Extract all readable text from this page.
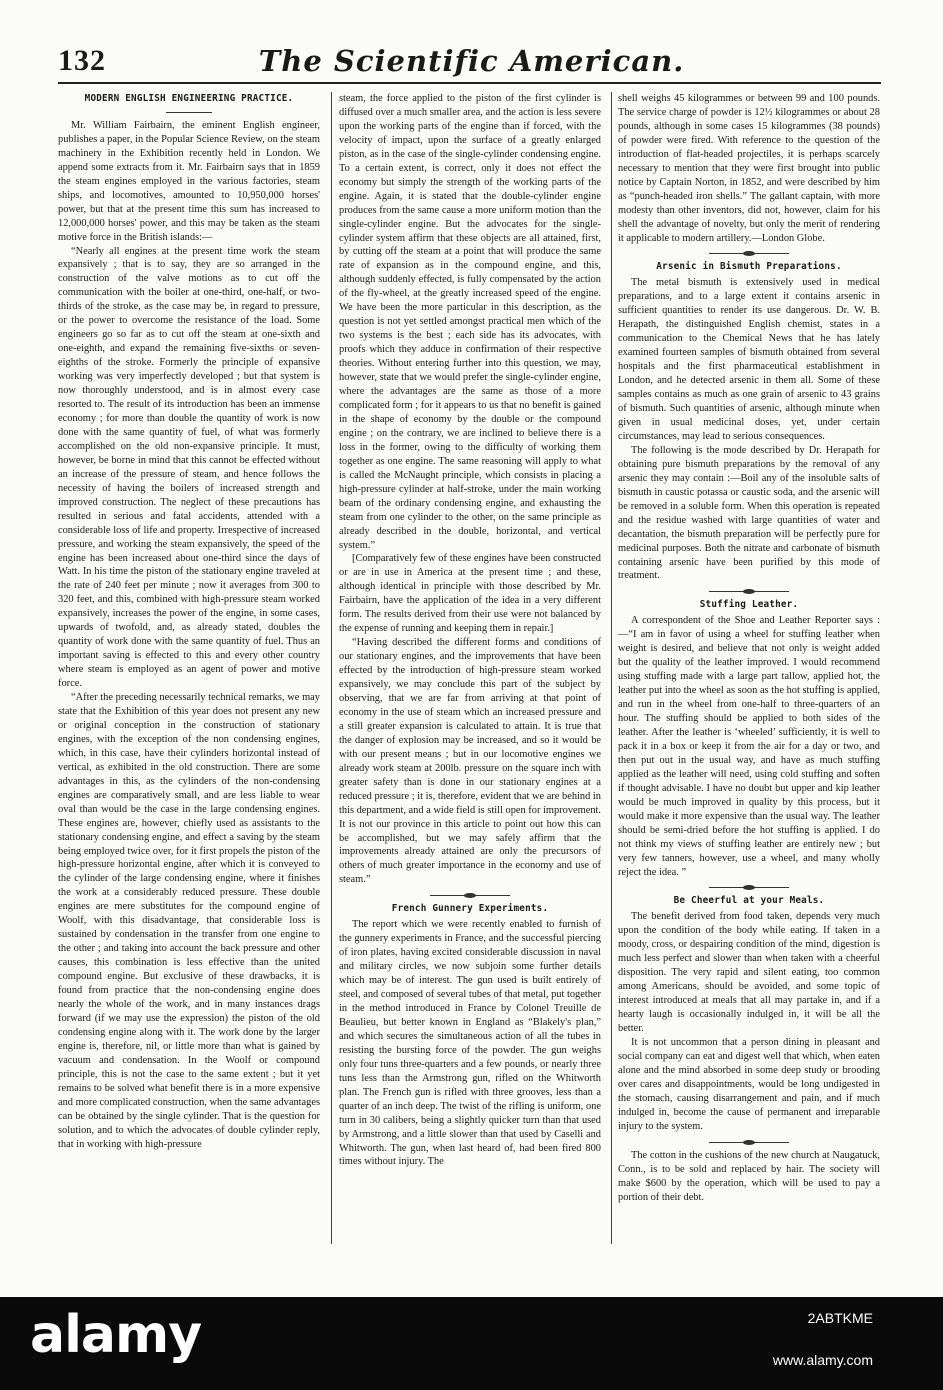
132	The Scientific American.
MODERN ENGLISH ENGINEERING PRACTICE.

Mr. William Fairbairn, the eminent English engineer, publishes a paper, in the Popular Science Review, on the steam machinery in the Exhibition recently held in London. We append some extracts from it. Mr. Fairbairn says that in 1859 the steam engines employed in the various factories, steam ships, and locomotives, amounted to 10,950,000 horses' power, but that at the present time this sum has increased to 12,000,000 horses' power, and this may be taken as the steam motive force in the British islands:—

“Nearly all engines at the present time work the steam expansively ; that is to say, they are so arranged in the construction of the valve motions as to cut off the communication with the boiler at one-third, one-half, or two-thirds of the stroke, as the case may be, in regard to pressure, or the power to overcome the resistance of the load. Some engineers go so far as to cut off the steam at one-sixth and one-eighth, and expand the remaining five-sixths or seven-eighths of the stroke. Formerly the principle of expansive working was very imperfectly developed ; but that system is now thoroughly understood, and is in almost every case resorted to. The result of its introduction has been an immense economy ; for more than double the quantity of work is now done with the same quantity of fuel, of what was formerly accomplished on the old non-expansive principle. It must, however, be borne in mind that this cannot be effected without an increase of the pressure of steam, and hence follows the necessity of having the boilers of increased strength and improved construction. The neglect of these precautions has resulted in serious and fatal accidents, attended with a considerable loss of life and property. Irrespective of increased pressure, and working the steam expansively, the speed of the engine has been increased about one-third since the days of Watt. In his time the piston of the stationary engine traveled at the rate of 240 feet per minute ; now it averages from 300 to 320 feet, and this, combined with high-pressure steam worked expansively, increases the power of the engine, in some cases, upwards of twofold, and, as already stated, doubles the quantity of work done with the same quantity of fuel. Thus an important saving is effected to this and every other country where steam is employed as an agent of power and motive force.

“After the preceding necessarily technical remarks, we may state that the Exhibition of this year does not present any new or original conception in the construction of stationary engines, with the exception of the non condensing engines, which, in this case, have their cylinders horizontal instead of vertical, as exhibited in the old construction. There are some advantages in this, as the cylinders of the non-condensing engines are comparatively small, and are less liable to wear oval than would be the case in the large condensing engines. These engines are, however, chiefly used as assistants to the stationary condensing engine, and effect a saving by the steam being employed twice over, for it first propels the piston of the high-pressure horizontal engine, after which it is conveyed to the cylinder of the large condensing engine, where it finishes the work at a considerably reduced pressure. These double engines are mere substitutes for the compound engine of Woolf, with this disadvantage, that considerable loss is sustained by condensation in the transfer from one engine to the other ; and taking into account the back pressure and other causes, this combination is less effective than the united compound engine. But exclusive of these drawbacks, it is found from practice that the non-condensing engine does nearly the whole of the work, and in many instances drags forward (if we may use the expression) the piston of the old condensing engine along with it. The work done by the larger engine is, therefore, nil, or little more than what is gained by vacuum and condensation. In the Woolf or compound principle, this is not the case to the same extent ; but it yet remains to be solved what benefit there is in a more expensive and more complicated construction, when the same advantages can be obtained by the single cylinder. That is the question for solution, and to which the advocates of double cylinder reply, that in working with high-pressure

steam, the force applied to the piston of the first cylinder is diffused over a much smaller area, and the action is less severe upon the working parts of the engine than if forced, with the velocity of impact, upon the surface of a greatly enlarged piston, as in the case of the single-cylinder condensing engine. To a certain extent, is correct, only it does not effect the economy but simply the strength of the working parts of the engine. Again, it is stated that the double-cylinder engine produces from the same cause a more uniform motion than the single-cylinder engine. But the advocates for the single-cylinder system affirm that these objects are all attained, first, by cutting off the steam at a point that will produce the same rate of expansion as in the compound engine, and this, although suddenly effected, is fully compensated by the action of the fly-wheel, at the greatly increased speed of the engine. We have been the more particular in this description, as the question is not yet settled amongst practical men which of the two systems is the best ; each side has its advocates, with proofs which they adduce in confirmation of their respective theories. Without entering further into this question, we may, however, state that we would prefer the single-cylinder engine, where the advantages are the same as those of a more complicated form ; for it appears to us that no benefit is gained in the shape of economy by the double or the compound engine ; on the contrary, we are inclined to believe there is a loss in the former, owing to the difficulty of working them together as one engine. The same reasoning will apply to what is called the McNaught principle, which consists in placing a high-pressure cylinder at half-stroke, under the main working beam of the ordinary condensing engine, and exhausting the steam from one cylinder to the other, on the same principle as already described in the double, horizontal, and vertical system.”

[Comparatively few of these engines have been constructed or are in use in America at the present time ; and these, although identical in principle with those described by Mr. Fairbairn, have the application of the idea in a very different form. The results derived from their use were not balanced by the expense of running and keeping them in repair.]

“Having described the different forms and conditions of our stationary engines, and the improvements that have been effected by the introduction of high-pressure steam worked expansively, we may conclude this part of the subject by observing, that we are far from arriving at that point of economy in the use of steam which an increased pressure and a still greater expansion is calculated to attain. It is true that the danger of explosion may be increased, and so it would be with our present means ; but in our locomotive engines we already work steam at 200lb. pressure on the square inch with greater safety than is done in our stationary engines at a reduced pressure ; it is, therefore, evident that we are behind in this department, and a wide field is still open for improvement. It is not our province in this article to point out how this can be accomplished, but we may safely affirm that the improvements already attained are only the precursors of others of much greater importance in the economy and use of steam.”

French Gunnery Experiments.

The report which we were recently enabled to furnish of the gunnery experiments in France, and the successful piercing of iron plates, having excited considerable discussion in naval and military circles, we now subjoin some further details which may be of interest. The gun used is built entirely of steel, and composed of several tubes of that metal, put together in the method introduced in France by Colonel Treuille de Beaulieu, but better known in England as “Blakely's plan,” and which secures the simultaneous action of all the tubes in resisting the bursting force of the powder. The gun weighs only four tuns three-quarters and a few pounds, or nearly three tuns less than the Armstrong gun, rifled on the Whitworth plan. The French gun is rifled with three grooves, less than a quarter of an inch deep. The twist of the rifling is uniform, one turn in 30 calibers, being a slightly quicker turn than that used by Armstrong, and a little slower than that used by Caselli and Whitworth. The gun, when last heard of, had been fired 800 times without injury. The

shell weighs 45 kilogrammes or between 99 and 100 pounds. The service charge of powder is 12½ kilogrammes or about 28 pounds, although in some cases 15 kilogrammes (38 pounds) of powder were fired. With reference to the question of the introduction of flat-headed projectiles, it is perhaps scarcely necessary to mention that they were first brought into public notice by Captain Norton, in 1852, and were described by him as “punch-headed iron shells.” The gallant captain, with more modesty than other inventors, did not, however, claim for his shell the advantage of novelty, but only the merit of rendering it applicable to modern artillery.—London Globe.

Arsenic in Bismuth Preparations.

The metal bismuth is extensively used in medical preparations, and to a large extent it contains arsenic in sufficient quantities to render its use dangerous. Dr. W. B. Herapath, the distinguished English chemist, states in a communication to the Chemical News that he has lately examined fourteen samples of bismuth obtained from several hospitals and the first pharmaceutical establishment in London, and he detected arsenic in them all. Some of these samples contains as much as one grain of arsenic to 43 grains of bismuth. Such quantities of arsenic, although minute when given in usual medicinal doses, yet, under certain circumstances, may lead to serious consequences.

The following is the mode described by Dr. Herapath for obtaining pure bismuth preparations by the removal of any arsenic they may contain :—Boil any of the insoluble salts of bismuth in caustic potassa or caustic soda, and the arsenic will be removed in a soluble form. When this operation is repeated and the residue washed with large quantities of water and decantation, the bismuth preparation will be perfectly pure for medicinal purposes. Both the nitrate and carbonate of bismuth containing arsenic have been purified by this mode of treatment.

Stuffing Leather.

A correspondent of the Shoe and Leather Reporter says :—“I am in favor of using a wheel for stuffing leather when weight is desired, and believe that not only is weight added but the quality of the leather improved. I would recommend using stuffing made with a large part tallow, applied hot, the leather put into the wheel as soon as the hot stuffing is applied, and run in the wheel from one-half to three-quarters of an hour. The stuffing should be applied to both sides of the leather. After the leather is ‘wheeled’ sufficiently, it is well to pack it in a box or keep it from the air for a day or two, and then put out in the usual way, and have as much stuffing applied as the leather will need, using cold stuffing and soften if thought advisable. I have no doubt but upper and kip leather would be much improved in quality by this process, but it would make it more expensive than the usual way. The leather should be semi-dried before the hot stuffing is applied. I do not think my views of stuffing leather are entirely new ; but very few tanners, however, use a wheel, and many wholly reject the idea. ”

Be Cheerful at your Meals.

The benefit derived from food taken, depends very much upon the condition of the body while eating. If taken in a moody, cross, or despairing condition of the mind, digestion is much less perfect and slower than when taken with a cheerful disposition. The very rapid and silent eating, too common among Americans, should be avoided, and some topic of interest introduced at meals that all may partake in, and if a hearty laugh is occasionally indulged in, it will be all the better.

It is not uncommon that a person dining in pleasant and social company can eat and digest well that which, when eaten alone and the mind absorbed in some deep study or brooding over cares and disappointments, would be long undigested in the stomach, causing disarrangement and pain, and if much indulged in, become the cause of permanent and irreparable injury to the system.

The cotton in the cushions of the new church at Naugatuck, Conn., is to be sold and replaced by hair. The society will make $600 by the operation, which will be used to pay a portion of their debt.

alamy	2ABTKME
www.alamy.com
